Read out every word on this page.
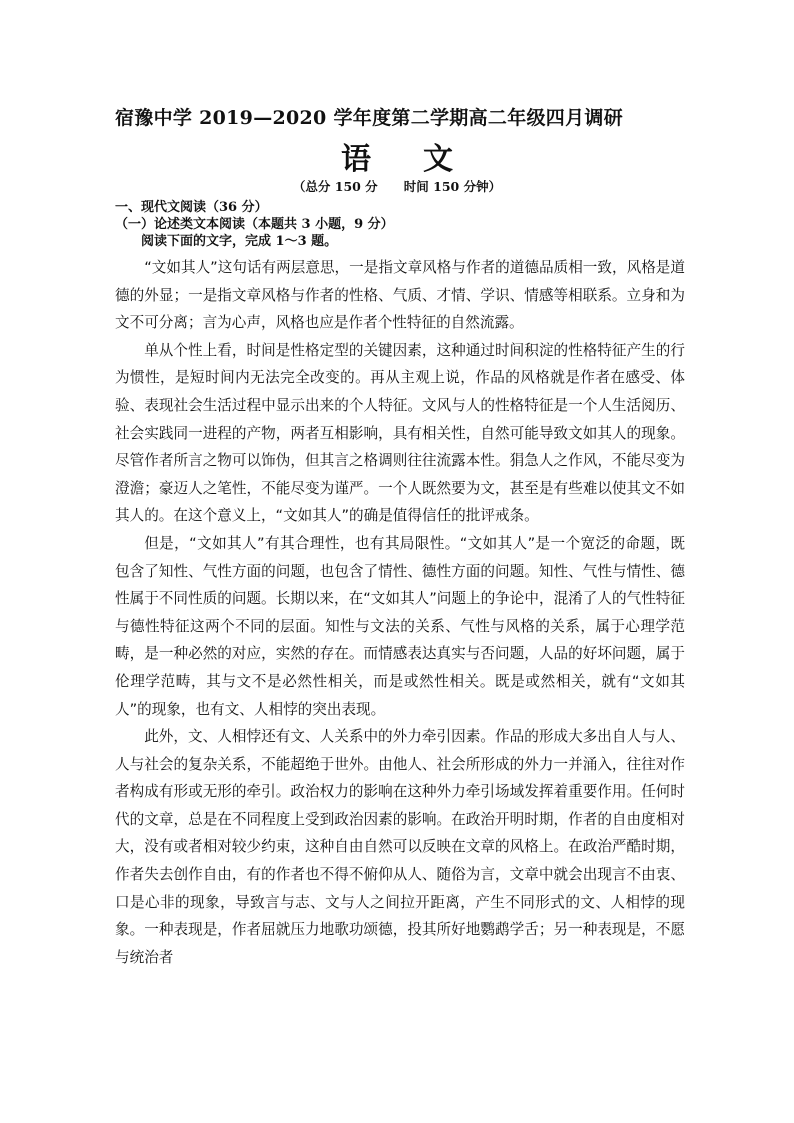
宿豫中学 2019—2020 学年度第二学期高二年级四月调研
语 文
（总分 150 分      时间 150 分钟）
一、现代文阅读（36 分）
（一）论述类文本阅读（本题共 3 小题，9 分）
阅读下面的文字，完成 1～3 题。

“文如其人”这句话有两层意思，一是指文章风格与作者的道德品质相一致，风格是道德的外显；一是指文章风格与作者的性格、气质、才情、学识、情感等相联系。立身和为文不可分离；言为心声，风格也应是作者个性特征的自然流露。

单从个性上看，时间是性格定型的关键因素，这种通过时间积淀的性格特征产生的行为惯性，是短时间内无法完全改变的。再从主观上说，作品的风格就是作者在感受、体验、表现社会生活过程中显示出来的个人特征。文风与人的性格特征是一个人生活阅历、社会实践同一进程的产物，两者互相影响，具有相关性，自然可能导致文如其人的现象。尽管作者所言之物可以饰伪，但其言之格调则往往流露本性。狷急人之作风，不能尽变为澄澹；豪迈人之笔性，不能尽变为谨严。一个人既然要为文，甚至是有些难以使其文不如其人的。在这个意义上，“文如其人”的确是值得信任的批评戒条。

但是，“文如其人”有其合理性，也有其局限性。“文如其人”是一个宽泛的命题，既包含了知性、气性方面的问题，也包含了情性、德性方面的问题。知性、气性与情性、德性属于不同性质的问题。长期以来，在“文如其人”问题上的争论中，混淆了人的气性特征与德性特征这两个不同的层面。知性与文法的关系、气性与风格的关系，属于心理学范畴，是一种必然的对应，实然的存在。而情感表达真实与否问题，人品的好坏问题，属于伦理学范畴，其与文不是必然性相关，而是或然性相关。既是或然相关，就有“文如其人”的现象，也有文、人相悖的突出表现。

此外，文、人相悖还有文、人关系中的外力牵引因素。作品的形成大多出自人与人、人与社会的复杂关系，不能超绝于世外。由他人、社会所形成的外力一并涌入，往往对作者构成有形或无形的牵引。政治权力的影响在这种外力牵引场域发挥着重要作用。任何时代的文章，总是在不同程度上受到政治因素的影响。在政治开明时期，作者的自由度相对大，没有或者相对较少约束，这种自由自然可以反映在文章的风格上。在政治严酷时期，作者失去创作自由，有的作者也不得不俯仰从人、随俗为言，文章中就会出现言不由衷、口是心非的现象，导致言与志、文与人之间拉开距离，产生不同形式的文、人相悖的现象。一种表现是，作者屈就压力地歌功颂德，投其所好地鹦鹉学舌；另一种表现是，不愿与统治者
